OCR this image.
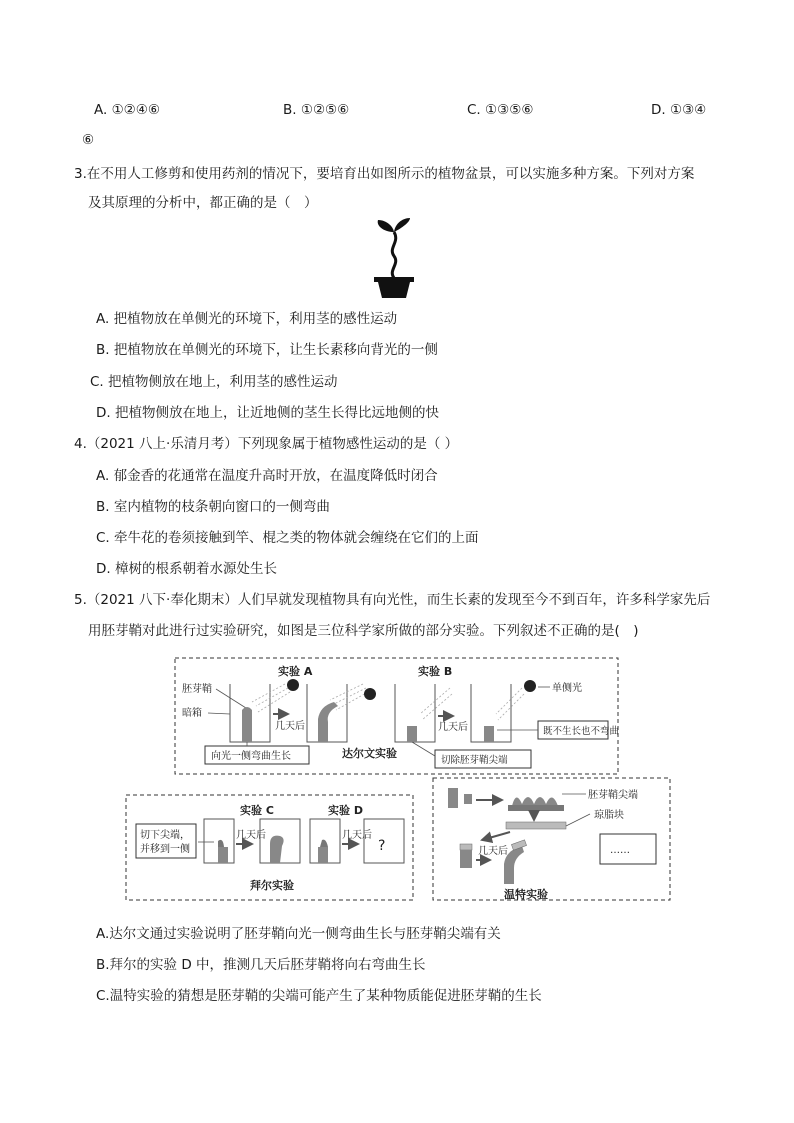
A. ①②④⑥	B. ①②⑤⑥	C. ①③⑤⑥	D. ①③④
⑥
3.在不用人工修剪和使用药剂的情况下，要培育出如图所示的植物盆景，可以实施多种方案。下列对方案
及其原理的分析中，都正确的是（　）
A. 把植物放在单侧光的环境下，利用茎的感性运动
B. 把植物放在单侧光的环境下，让生长素移向背光的一侧
C. 把植物侧放在地上，利用茎的感性运动
D. 把植物侧放在地上，让近地侧的茎生长得比远地侧的快
4.（2021 八上·乐清月考）下列现象属于植物感性运动的是（ ）
A. 郁金香的花通常在温度升高时开放，在温度降低时闭合
B. 室内植物的枝条朝向窗口的一侧弯曲
C. 牵牛花的卷须接触到竿、棍之类的物体就会缠绕在它们的上面
D. 樟树的根系朝着水源处生长
5.（2021 八下·奉化期末）人们早就发现植物具有向光性，而生长素的发现至今不到百年，许多科学家先后
用胚芽鞘对此进行过实验研究，如图是三位科学家所做的部分实验。下列叙述不正确的是(　)
实验 A	实验 B
胚芽鞘
暗箱
几天后	几天后
单侧光
既不生长也不弯曲
向光一侧弯曲生长	达尔文实验
切除胚芽鞘尖端
实验 C	实验 D
切下尖端，
并移到一侧
几天后	几天后
?
拜尔实验
胚芽鞘尖端
琼脂块
几天后	……
温特实验
A.达尔文通过实验说明了胚芽鞘向光一侧弯曲生长与胚芽鞘尖端有关
B.拜尔的实验 D 中，推测几天后胚芽鞘将向右弯曲生长
C.温特实验的猜想是胚芽鞘的尖端可能产生了某种物质能促进胚芽鞘的生长
